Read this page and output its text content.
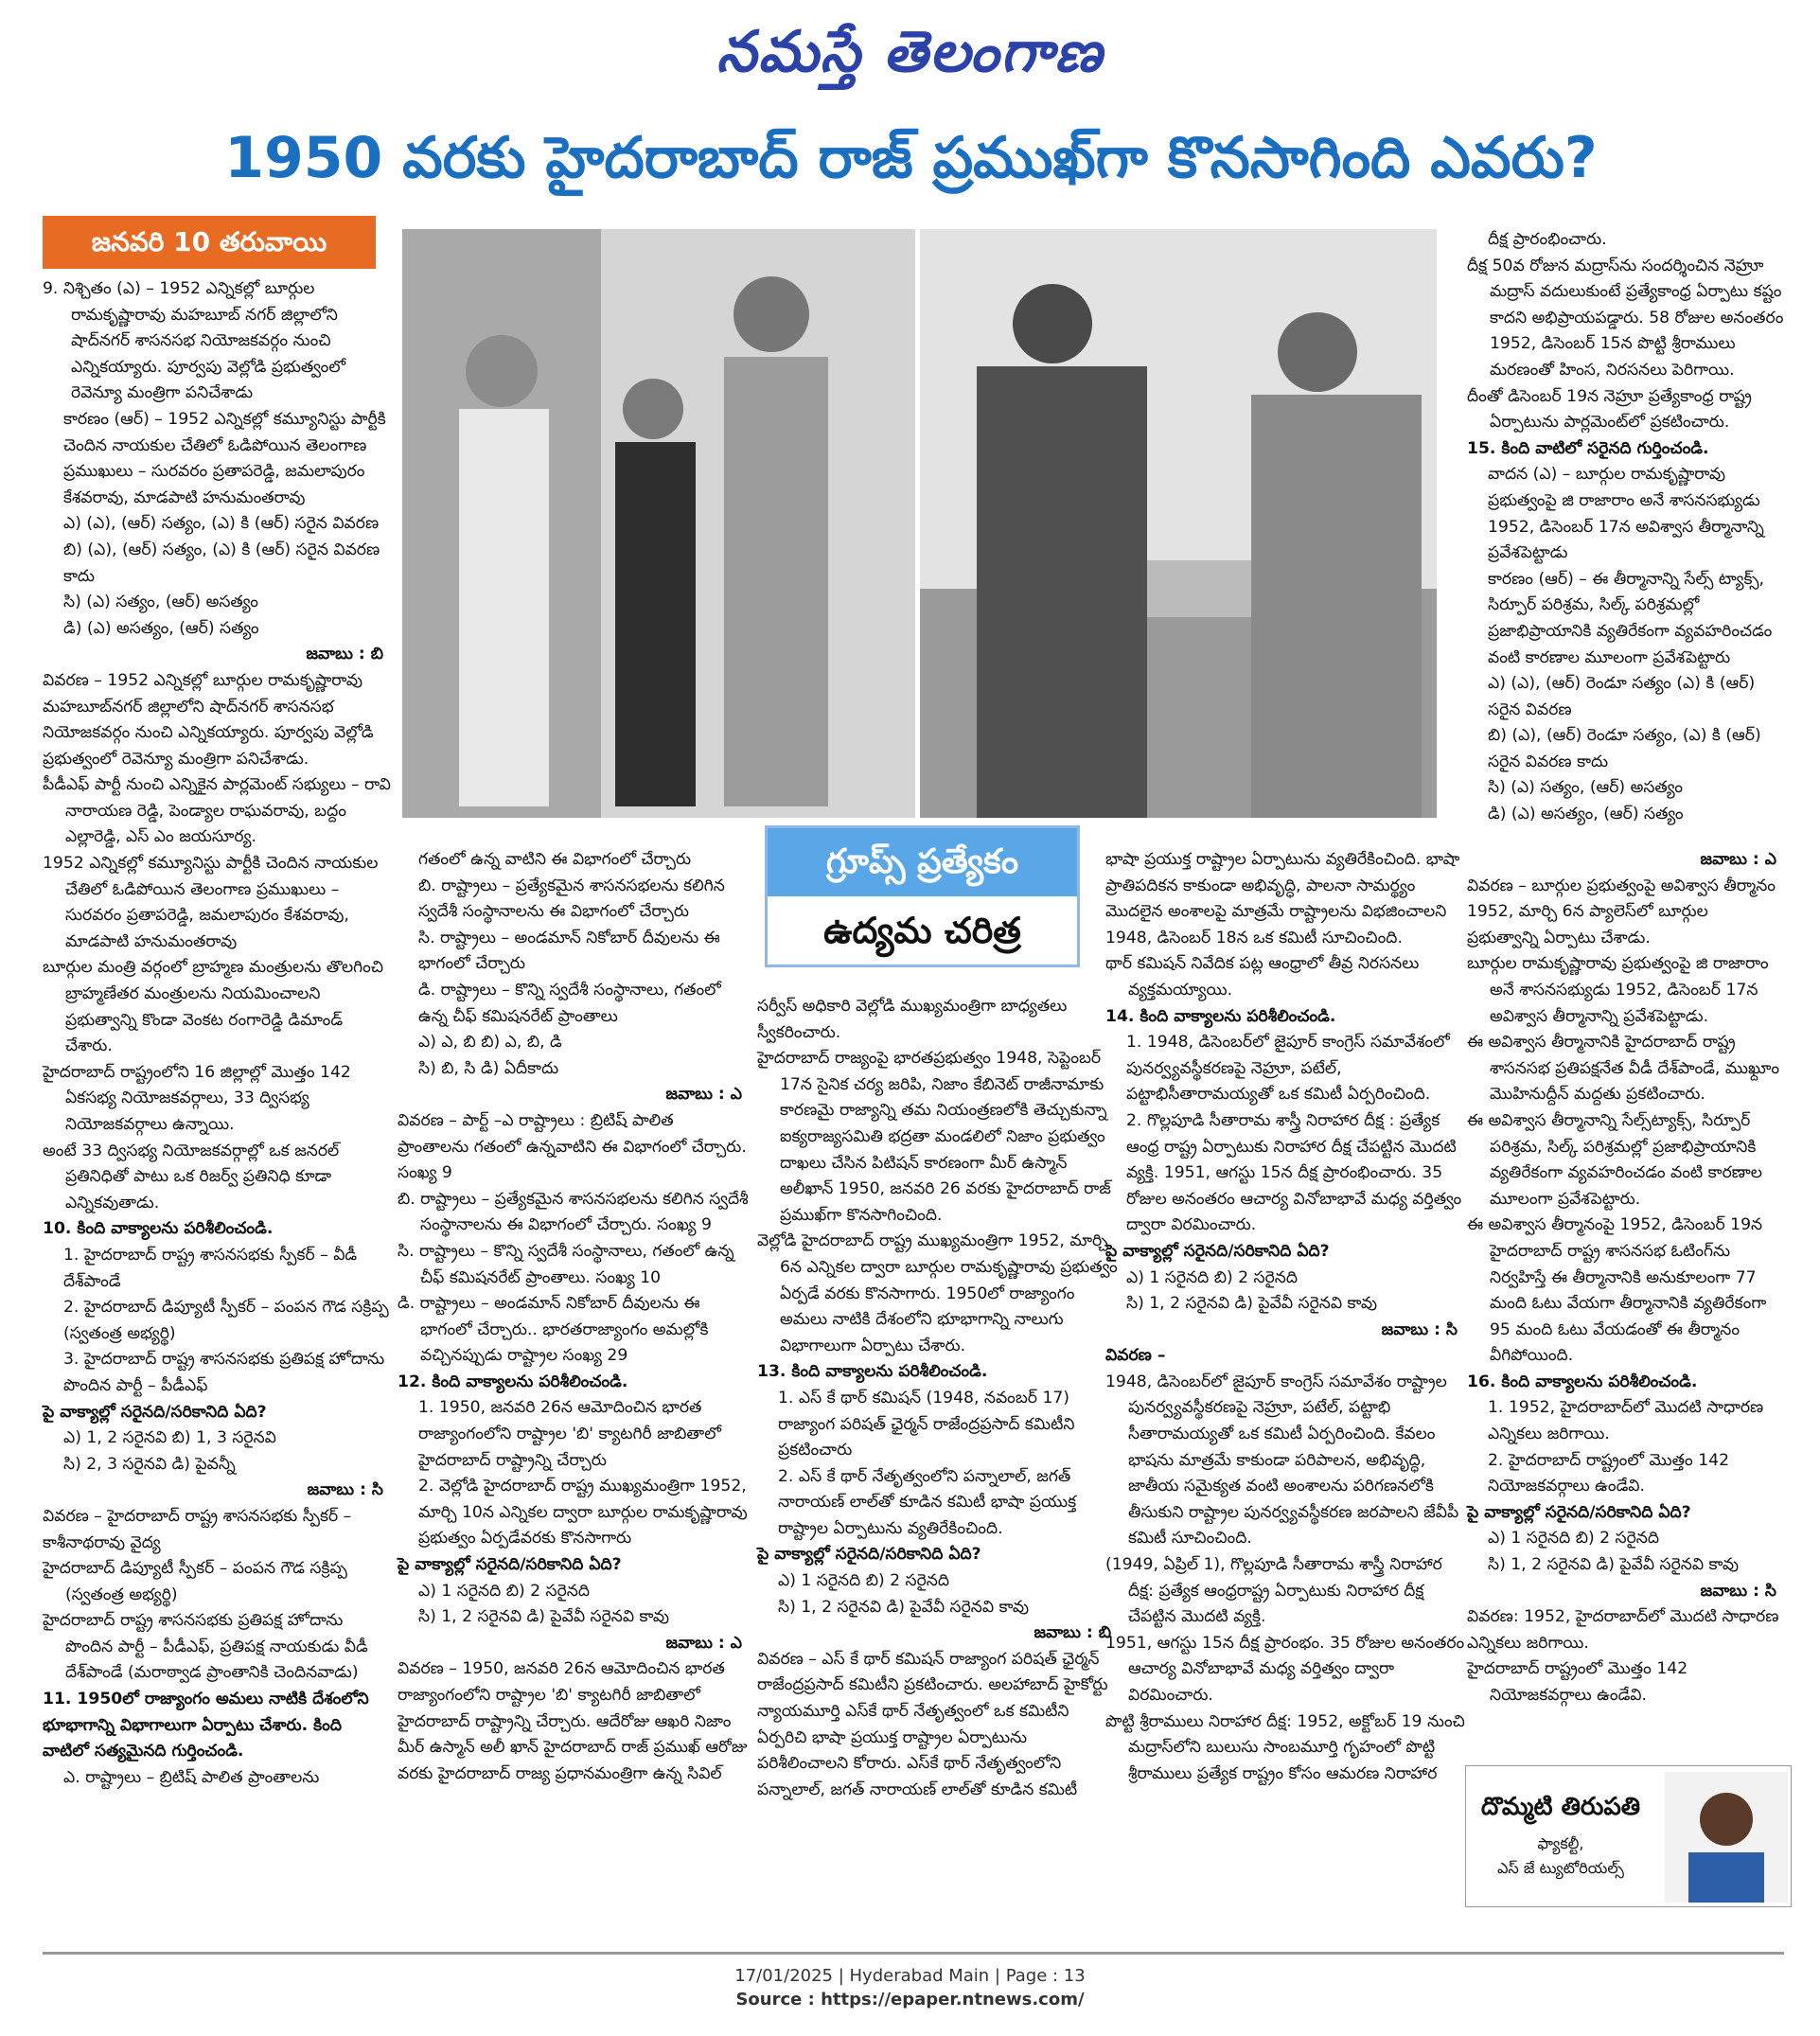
నమస్తే తెలంగాణ
1950 వరకు హైదరాబాద్ రాజ్ ప్రముఖ్‌గా కొనసాగింది ఎవరు?
జనవరి 10 తరువాయి
గ్రూప్స్ ప్రత్యేకం
ఉద్యమ చరిత్ర

9. నిశ్చితం (ఎ) – 1952 ఎన్నికల్లో బూర్గుల రామకృష్ణారావు మహబూబ్ నగర్ జిల్లాలోని షాద్‌నగర్ శాసనసభ నియోజకవర్గం నుంచి ఎన్నికయ్యారు. పూర్వపు వెల్లోడి ప్రభుత్వంలో రెవెన్యూ మంత్రిగా పనిచేశాడు

కారణం (ఆర్) – 1952 ఎన్నికల్లో కమ్యూనిస్టు పార్టీకి చెందిన నాయకుల చేతిలో ఓడిపోయిన తెలంగాణ ప్రముఖులు – సురవరం ప్రతాపరెడ్డి, జమలాపురం కేశవరావు, మాడపాటి హనుమంతరావు

ఎ) (ఎ), (ఆర్) సత్యం, (ఎ) కి (ఆర్) సరైన వివరణ

బి) (ఎ), (ఆర్) సత్యం, (ఎ) కి (ఆర్) సరైన వివరణ కాదు

సి) (ఎ) సత్యం, (ఆర్) అసత్యం

డి) (ఎ) అసత్యం, (ఆర్) సత్యం

జవాబు : బి

వివరణ – 1952 ఎన్నికల్లో బూర్గుల రామకృష్ణారావు మహబూబ్‌నగర్ జిల్లాలోని షాద్‌నగర్ శాసనసభ నియోజకవర్గం నుంచి ఎన్నికయ్యారు. పూర్వపు వెల్లోడి ప్రభుత్వంలో రెవెన్యూ మంత్రిగా పనిచేశాడు.

పీడీఎఫ్ పార్టీ నుంచి ఎన్నికైన పార్లమెంట్ సభ్యులు – రావి నారాయణ రెడ్డి, పెండ్యాల రాఘవరావు, బద్దం ఎల్లారెడ్డి, ఎస్ ఎం జయసూర్య.

1952 ఎన్నికల్లో కమ్యూనిస్టు పార్టీకి చెందిన నాయకుల చేతిలో ఓడిపోయిన తెలంగాణ ప్రముఖులు – సురవరం ప్రతాపరెడ్డి, జమలాపురం కేశవరావు, మాడపాటి హనుమంతరావు

బూర్గుల మంత్రి వర్గంలో బ్రాహ్మణ మంత్రులను తొలగించి బ్రాహ్మణేతర మంత్రులను నియమించాలని ప్రభుత్వాన్ని కొండా వెంకట రంగారెడ్డి డిమాండ్ చేశారు.

హైదరాబాద్ రాష్ట్రంలోని 16 జిల్లాల్లో మొత్తం 142 ఏకసభ్య నియోజకవర్గాలు, 33 ద్విసభ్య నియోజకవర్గాలు ఉన్నాయి.

అంటే 33 ద్విసభ్య నియోజకవర్గాల్లో ఒక జనరల్ ప్రతినిధితో పాటు ఒక రిజర్వ్ ప్రతినిధి కూడా ఎన్నికవుతాడు.

10. కింది వాక్యాలను పరిశీలించండి.

1. హైదరాబాద్ రాష్ట్ర శాసనసభకు స్పీకర్ – వీడీ దేశ్‌పాండే

2. హైదరాబాద్ డిప్యూటీ స్పీకర్ – పంపన గౌడ సక్రిప్ప (స్వతంత్ర అభ్యర్థి)

3. హైదరాబాద్ రాష్ట్ర శాసనసభకు ప్రతిపక్ష హోదాను పొందిన పార్టీ – పీడీఎఫ్

పై వాక్యాల్లో సరైనది/సరికానిది ఏది?

ఎ) 1, 2 సరైనవి బి) 1, 3 సరైనవి

సి) 2, 3 సరైనవి డి) పైవన్నీ

జవాబు : సి

వివరణ – హైదరాబాద్ రాష్ట్ర శాసనసభకు స్పీకర్ – కాశీనాథరావు వైద్య

హైదరాబాద్ డిప్యూటీ స్పీకర్ – పంపన గౌడ సక్రిప్ప (స్వతంత్ర అభ్యర్థి)

హైదరాబాద్ రాష్ట్ర శాసనసభకు ప్రతిపక్ష హోదాను పొందిన పార్టీ – పీడీఎఫ్, ప్రతిపక్ష నాయకుడు వీడీ దేశ్‌పాండే (మరాఠ్వాడ ప్రాంతానికి చెందినవాడు)

11. 1950లో రాజ్యాంగం అమలు నాటికి దేశంలోని భూభాగాన్ని విభాగాలుగా ఏర్పాటు చేశారు. కింది వాటిలో సత్యమైనది గుర్తించండి.

ఎ. రాష్ట్రాలు – బ్రిటిష్ పాలిత ప్రాంతాలను

గతంలో ఉన్న వాటిని ఈ విభాగంలో చేర్చారు

బి. రాష్ట్రాలు – ప్రత్యేకమైన శాసనసభలను కలిగిన స్వదేశీ సంస్థానాలను ఈ విభాగంలో చేర్చారు

సి. రాష్ట్రాలు – అండమాన్ నికోబార్ దీవులను ఈ భాగంలో చేర్చారు

డి. రాష్ట్రాలు – కొన్ని స్వదేశీ సంస్థానాలు, గతంలో ఉన్న చీఫ్ కమిషనరేట్ ప్రాంతాలు

ఎ) ఎ, బి బి) ఎ, బి, డి

సి) బి, సి డి) ఏదీకాదు

జవాబు : ఎ

వివరణ – పార్ట్ –ఎ రాష్ట్రాలు : బ్రిటిష్ పాలిత ప్రాంతాలను గతంలో ఉన్నవాటిని ఈ విభాగంలో చేర్చారు. సంఖ్య 9

బి. రాష్ట్రాలు – ప్రత్యేకమైన శాసనసభలను కలిగిన స్వదేశీ సంస్థానాలను ఈ విభాగంలో చేర్చారు. సంఖ్య 9

సి. రాష్ట్రాలు – కొన్ని స్వదేశీ సంస్థానాలు, గతంలో ఉన్న చీఫ్ కమిషనరేట్ ప్రాంతాలు. సంఖ్య 10

డి. రాష్ట్రాలు – అండమాన్ నికోబార్ దీవులను ఈ భాగంలో చేర్చారు.. భారతరాజ్యాంగం అమల్లోకి వచ్చినప్పుడు రాష్ట్రాల సంఖ్య 29

12. కింది వాక్యాలను పరిశీలించండి.

1. 1950, జనవరి 26న ఆమోదించిన భారత రాజ్యాంగంలోని రాష్ట్రాల 'బి' క్యాటగిరీ జాబితాలో హైదరాబాద్ రాష్ట్రాన్ని చేర్చారు

2. వెల్లోడి హైదరాబాద్ రాష్ట్ర ముఖ్యమంత్రిగా 1952, మార్చి 10న ఎన్నికల ద్వారా బూర్గుల రామకృష్ణారావు ప్రభుత్వం ఏర్పడేవరకు కొనసాగారు

పై వాక్యాల్లో సరైనది/సరికానిది ఏది?

ఎ) 1 సరైనది బి) 2 సరైనది

సి) 1, 2 సరైనవి డి) పైవేవీ సరైనవి కావు

జవాబు : ఎ

వివరణ – 1950, జనవరి 26న ఆమోదించిన భారత రాజ్యాంగంలోని రాష్ట్రాల 'బి' క్యాటగిరీ జాబితాలో హైదరాబాద్ రాష్ట్రాన్ని చేర్చారు. ఆదేరోజు ఆఖరి నిజాం మీర్ ఉస్మాన్ అలీ ఖాన్ హైదరాబాద్ రాజ్ ప్రముఖ్ ఆరోజు వరకు హైదరాబాద్ రాజ్య ప్రధానమంత్రిగా ఉన్న సివిల్

సర్వీస్ అధికారి వెల్లోడి ముఖ్యమంత్రిగా బాధ్యతలు స్వీకరించారు.

హైదరాబాద్ రాజ్యంపై భారతప్రభుత్వం 1948, సెప్టెంబర్ 17న సైనిక చర్య జరిపి, నిజాం కేబినెట్ రాజీనామాకు కారణమై రాజ్యాన్ని తమ నియంత్రణలోకి తెచ్చుకున్నా ఐక్యరాజ్యసమితి భద్రతా మండలిలో నిజాం ప్రభుత్వం దాఖలు చేసిన పిటిషన్ కారణంగా మీర్ ఉస్మాన్ అలీఖాన్ 1950, జనవరి 26 వరకు హైదరాబాద్ రాజ్ ప్రముఖ్‌గా కొనసాగించింది.

వెల్లోడి హైదరాబాద్ రాష్ట్ర ముఖ్యమంత్రిగా 1952, మార్చి 6న ఎన్నికల ద్వారా బూర్గుల రామకృష్ణారావు ప్రభుత్వం ఏర్పడే వరకు కొనసాగారు. 1950లో రాజ్యాంగం అమలు నాటికి దేశంలోని భూభాగాన్ని నాలుగు విభాగాలుగా ఏర్పాటు చేశారు.

13. కింది వాక్యాలను పరిశీలించండి.

1. ఎస్ కే థార్ కమిషన్ (1948, నవంబర్ 17) రాజ్యాంగ పరిషత్ ఛైర్మన్ రాజేంద్రప్రసాద్ కమిటీని ప్రకటించారు

2. ఎస్ కే థార్ నేతృత్వంలోని పన్నాలాల్, జగత్ నారాయణ్ లాల్‌తో కూడిన కమిటీ భాషా ప్రయుక్త రాష్ట్రాల ఏర్పాటును వ్యతిరేకించింది.

పై వాక్యాల్లో సరైనది/సరికానిది ఏది?

ఎ) 1 సరైనది బి) 2 సరైనది

సి) 1, 2 సరైనవి డి) పైవేవీ సరైనవి కావు

జవాబు : బి

వివరణ – ఎస్ కే థార్ కమిషన్ రాజ్యాంగ పరిషత్ ఛైర్మన్ రాజేంద్రప్రసాద్ కమిటీని ప్రకటించారు. అలహాబాద్ హైకోర్టు న్యాయమూర్తి ఎస్‌కే థార్ నేతృత్వంలో ఒక కమిటీని ఏర్పరిచి భాషా ప్రయుక్త రాష్ట్రాల ఏర్పాటును పరిశీలించాలని కోరారు. ఎస్‌కే థార్ నేతృత్వంలోని పన్నాలాల్, జగత్ నారాయణ్ లాల్‌తో కూడిన కమిటీ

భాషా ప్రయుక్త రాష్ట్రాల ఏర్పాటును వ్యతిరేకించింది. భాషా ప్రాతిపదికన కాకుండా అభివృద్ధి, పాలనా సామర్థ్యం మొదలైన అంశాలపై మాత్రమే రాష్ట్రాలను విభజించాలని 1948, డిసెంబర్ 18న ఒక కమిటీ సూచించింది.

థార్ కమిషన్ నివేదిక పట్ల ఆంధ్రాలో తీవ్ర నిరసనలు వ్యక్తమయ్యాయి.

14. కింది వాక్యాలను పరిశీలించండి.

1. 1948, డిసెంబర్‌లో జైపూర్ కాంగ్రెస్ సమావేశంలో పునర్వ్యవస్థీకరణపై నెహ్రూ, పటేల్, పట్టాభిసీతారామయ్యతో ఒక కమిటీ ఏర్పరించింది.

2. గొల్లపూడి సీతారామ శాస్త్రీ నిరాహార దీక్ష : ప్రత్యేక ఆంధ్ర రాష్ట్ర ఏర్పాటుకు నిరాహార దీక్ష చేపట్టిన మొదటి వ్యక్తి. 1951, ఆగస్టు 15న దీక్ష ప్రారంభించారు. 35 రోజుల అనంతరం ఆచార్య వినోబాభావే మధ్య వర్తిత్వం ద్వారా విరమించారు.

పై వాక్యాల్లో సరైనది/సరికానిది ఏది?

ఎ) 1 సరైనది బి) 2 సరైనది

సి) 1, 2 సరైనవి డి) పైవేవీ సరైనవి కావు

జవాబు : సి

వివరణ –

1948, డిసెంబర్‌లో జైపూర్ కాంగ్రెస్ సమావేశం రాష్ట్రాల పునర్వ్యవస్థీకరణపై నెహ్రూ, పటేల్, పట్టాభి సీతారామయ్యతో ఒక కమిటీ ఏర్పరించింది. కేవలం భాషను మాత్రమే కాకుండా పరిపాలన, అభివృద్ధి, జాతీయ సమైక్యత వంటి అంశాలను పరిగణనలోకి తీసుకుని రాష్ట్రాల పునర్వ్యవస్థీకరణ జరపాలని జేవీపీ కమిటీ సూచించింది.

(1949, ఏప్రిల్ 1), గొల్లపూడి సీతారామ శాస్త్రీ నిరాహార దీక్ష: ప్రత్యేక ఆంధ్రరాష్ట్ర ఏర్పాటుకు నిరాహార దీక్ష చేపట్టిన మొదటి వ్యక్తి.

1951, ఆగస్టు 15న దీక్ష ప్రారంభం. 35 రోజుల అనంతరం ఆచార్య వినోబాభావే మధ్య వర్తిత్వం ద్వారా విరమించారు.

పొట్టి శ్రీరాములు నిరాహార దీక్ష: 1952, అక్టోబర్ 19 నుంచి మద్రాస్‌లోని బులుసు సాంబమూర్తి గృహంలో పొట్టి శ్రీరాములు ప్రత్యేక రాష్ట్రం కోసం ఆమరణ నిరాహార

దీక్ష ప్రారంభించారు.

దీక్ష 50వ రోజున మద్రాస్‌ను సందర్శించిన నెహ్రూ మద్రాస్ వదులుకుంటే ప్రత్యేకాంధ్ర ఏర్పాటు కష్టం కాదని అభిప్రాయపడ్డారు. 58 రోజుల అనంతరం 1952, డిసెంబర్ 15న పొట్టి శ్రీరాములు మరణంతో హింస, నిరసనలు పెరిగాయి.

దీంతో డిసెంబర్ 19న నెహ్రూ ప్రత్యేకాంధ్ర రాష్ట్ర ఏర్పాటును పార్లమెంట్‌లో ప్రకటించారు.

15. కింది వాటిలో సరైనది గుర్తించండి.

వాదన (ఎ) – బూర్గుల రామకృష్ణారావు ప్రభుత్వంపై జి రాజారాం అనే శాసనసభ్యుడు 1952, డిసెంబర్ 17న అవిశ్వాస తీర్మానాన్ని ప్రవేశపెట్టాడు

కారణం (ఆర్) – ఈ తీర్మానాన్ని సేల్స్ ట్యాక్స్, సిర్పూర్ పరిశ్రమ, సిల్క్ పరిశ్రమల్లో ప్రజాభిప్రాయానికి వ్యతిరేకంగా వ్యవహరించడం వంటి కారణాల మూలంగా ప్రవేశపెట్టారు

ఎ) (ఎ), (ఆర్) రెండూ సత్యం (ఎ) కి (ఆర్) సరైన వివరణ

బి) (ఎ), (ఆర్) రెండూ సత్యం, (ఎ) కి (ఆర్) సరైన వివరణ కాదు

సి) (ఎ) సత్యం, (ఆర్) అసత్యం

డి) (ఎ) అసత్యం, (ఆర్) సత్యం

జవాబు : ఎ

వివరణ – బూర్గుల ప్రభుత్వంపై అవిశ్వాస తీర్మానం 1952, మార్చి 6న ప్యాలెస్‌లో బూర్గుల ప్రభుత్వాన్ని ఏర్పాటు చేశాడు.

బూర్గుల రామకృష్ణారావు ప్రభుత్వంపై జి రాజారాం అనే శాసనసభ్యుడు 1952, డిసెంబర్ 17న అవిశ్వాస తీర్మానాన్ని ప్రవేశపెట్టాడు.

ఈ అవిశ్వాస తీర్మానానికి హైదరాబాద్ రాష్ట్ర శాసనసభ ప్రతిపక్షనేత వీడీ దేశ్‌పాండే, ముఖ్దూం మొహినుద్దీన్ మద్దతు ప్రకటించారు.

ఈ అవిశ్వాస తీర్మానాన్ని సేల్స్‌ట్యాక్స్, సిర్పూర్ పరిశ్రమ, సిల్క్ పరిశ్రమల్లో ప్రజాభిప్రాయానికి వ్యతిరేకంగా వ్యవహరించడం వంటి కారణాల మూలంగా ప్రవేశపెట్టారు.

ఈ అవిశ్వాస తీర్మానంపై 1952, డిసెంబర్ 19న హైదరాబాద్ రాష్ట్ర శాసనసభ ఓటింగ్‌ను నిర్వహిస్తే ఈ తీర్మానానికి అనుకూలంగా 77 మంది ఓటు వేయగా తీర్మానానికి వ్యతిరేకంగా 95 మంది ఓటు వేయడంతో ఈ తీర్మానం వీగిపోయింది.

16. కింది వాక్యాలను పరిశీలించండి.

1. 1952, హైదరాబాద్‌లో మొదటి సాధారణ ఎన్నికలు జరిగాయి.

2. హైదరాబాద్ రాష్ట్రంలో మొత్తం 142 నియోజకవర్గాలు ఉండేవి.

పై వాక్యాల్లో సరైనది/సరికానిది ఏది?

ఎ) 1 సరైనది బి) 2 సరైనది

సి) 1, 2 సరైనవి డి) పైవేవీ సరైనవి కావు

జవాబు : సి

వివరణ: 1952, హైదరాబాద్‌లో మొదటి సాధారణ ఎన్నికలు జరిగాయి.

హైదరాబాద్ రాష్ట్రంలో మొత్తం 142 నియోజకవర్గాలు ఉండేవి.

దొమ్మటి తిరుపతి
ఫ్యాకల్టీ,
ఎస్ జే ట్యుటోరియల్స్
17/01/2025 | Hyderabad Main | Page : 13
Source : https://epaper.ntnews.com/
